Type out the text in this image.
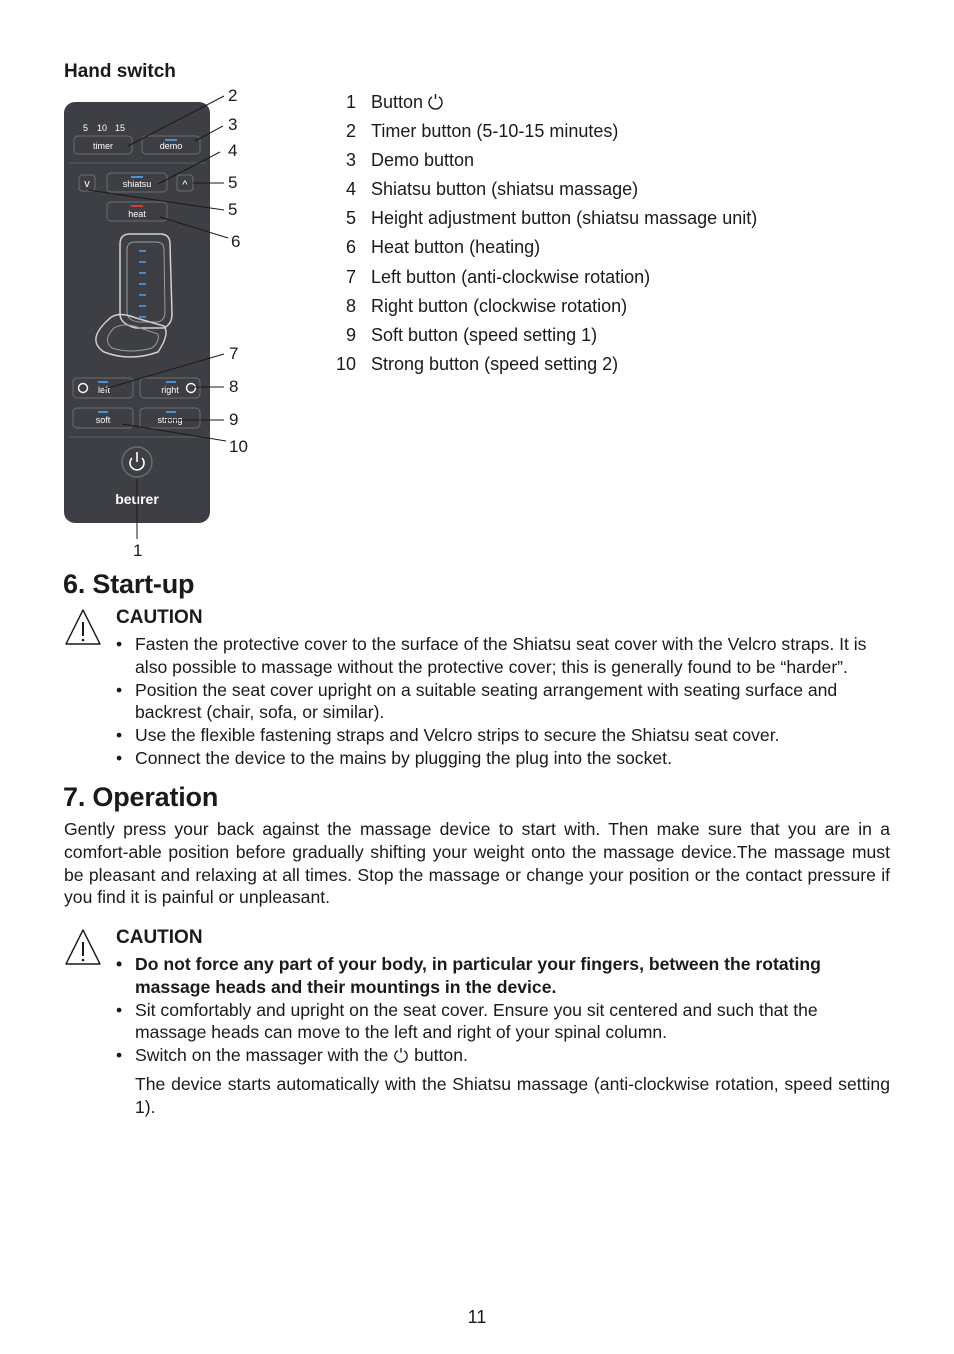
Hand switch
5 10 15
timer	demo
v	shiatsu	^
heat
left	right
soft	strong
beurer
2
3
4
5
5
6
7
8
9
10
1
1 Button
2 Timer button (5-10-15 minutes)
3 Demo button
4 Shiatsu button (shiatsu massage)
5 Height adjustment button (shiatsu massage unit)
6 Heat button (heating)
7 Left button (anti-clockwise rotation)
8 Right button (clockwise rotation)
9 Soft button (speed setting 1)
10 Strong button (speed setting 2)
6. Start-up
CAUTION
• Fasten the protective cover to the surface of the Shiatsu seat cover with the Velcro straps. It is also possible to massage without the protective cover; this is generally found to be “harder”.
• Position the seat cover upright on a suitable seating arrangement with seating surface and backrest (chair, sofa, or similar).
• Use the flexible fastening straps and Velcro strips to secure the Shiatsu seat cover.
• Connect the device to the mains by plugging the plug into the socket.
7. Operation
Gently press your back against the massage device to start with. Then make sure that you are in a comfort-able position before gradually shifting your weight onto the massage device.The massage must be pleasant and relaxing at all times. Stop the massage or change your position or the contact pressure if you find it is painful or unpleasant.
CAUTION
• Do not force any part of your body, in particular your fingers, between the rotating massage heads and their mountings in the device.
• Sit comfortably and upright on the seat cover. Ensure you sit centered and such that the massage heads can move to the left and right of your spinal column.
• Switch on the massager with the button.
The device starts automatically with the Shiatsu massage (anti-clockwise rotation, speed setting 1).
11
